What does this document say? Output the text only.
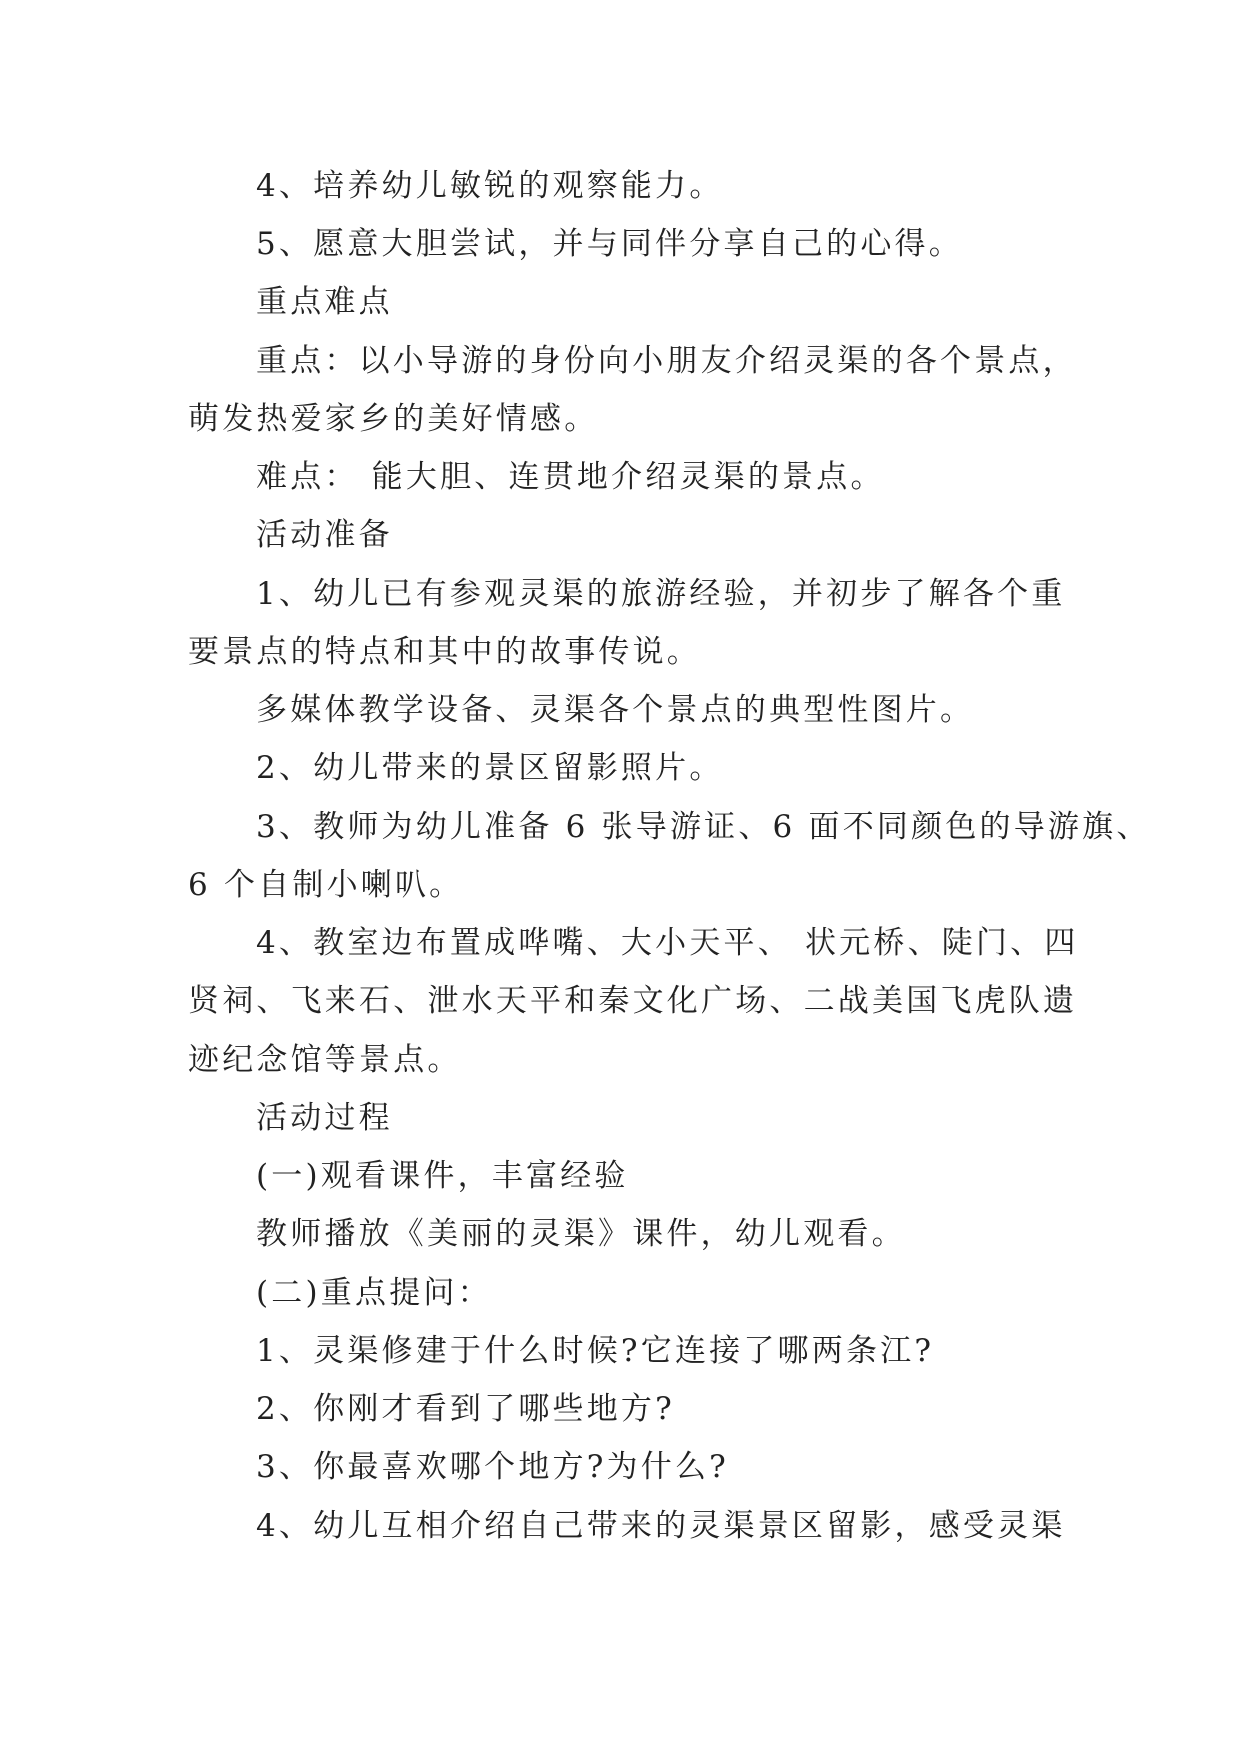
4、培养幼儿敏锐的观察能力。
5、愿意大胆尝试，并与同伴分享自己的心得。
重点难点
重点：以小导游的身份向小朋友介绍灵渠的各个景点，
萌发热爱家乡的美好情感。
难点： 能大胆、连贯地介绍灵渠的景点。
活动准备
1、幼儿已有参观灵渠的旅游经验，并初步了解各个重
要景点的特点和其中的故事传说。
多媒体教学设备、灵渠各个景点的典型性图片。
2、幼儿带来的景区留影照片。
3、教师为幼儿准备 6 张导游证、6 面不同颜色的导游旗、
6 个自制小喇叭。
4、教室边布置成哗嘴、大小天平、 状元桥、陡门、四
贤祠、飞来石、泄水天平和秦文化广场、二战美国飞虎队遗
迹纪念馆等景点。
活动过程
(一)观看课件，丰富经验
教师播放《美丽的灵渠》课件，幼儿观看。
(二)重点提问：
1、灵渠修建于什么时候?它连接了哪两条江?
2、你刚才看到了哪些地方?
3、你最喜欢哪个地方?为什么?
4、幼儿互相介绍自己带来的灵渠景区留影，感受灵渠
